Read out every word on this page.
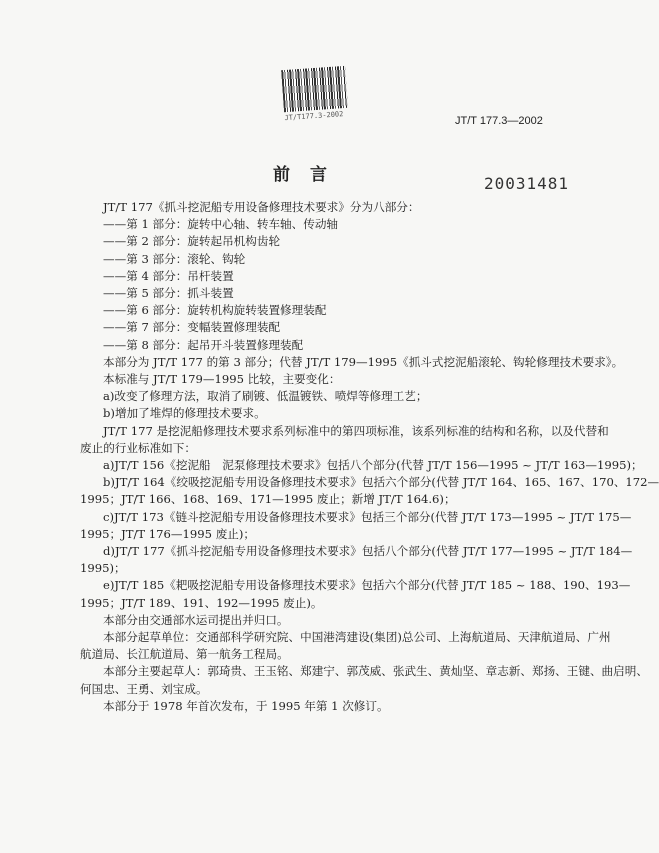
JT/T177.3-2002	JT/T 177.3—2002
前言	20031481
JT/T 177《抓斗挖泥船专用设备修理技术要求》分为八部分：
——第 1 部分：旋转中心轴、转车轴、传动轴
——第 2 部分：旋转起吊机构齿轮
——第 3 部分：滚轮、钩轮
——第 4 部分：吊杆装置
——第 5 部分：抓斗装置
——第 6 部分：旋转机构旋转装置修理装配
——第 7 部分：变幅装置修理装配
——第 8 部分：起吊开斗装置修理装配
本部分为 JT/T 177 的第 3 部分；代替 JT/T 179—1995《抓斗式挖泥船滚轮、钩轮修理技术要求》。
本标准与 JT/T 179—1995 比较，主要变化：
a)改变了修理方法，取消了刷镀、低温镀铁、喷焊等修理工艺；
b)增加了堆焊的修理技术要求。
JT/T 177 是挖泥船修理技术要求系列标准中的第四项标准，该系列标准的结构和名称，以及代替和
废止的行业标准如下：
a)JT/T 156《挖泥船　泥泵修理技术要求》包括八个部分(代替 JT/T 156—1995 ~ JT/T 163—1995)；
b)JT/T 164《绞吸挖泥船专用设备修理技术要求》包括六个部分(代替 JT/T 164、165、167、170、172—
1995；JT/T 166、168、169、171—1995 废止；新增 JT/T 164.6)；
c)JT/T 173《链斗挖泥船专用设备修理技术要求》包括三个部分(代替 JT/T 173—1995 ~ JT/T 175—
1995；JT/T 176—1995 废止)；
d)JT/T 177《抓斗挖泥船专用设备修理技术要求》包括八个部分(代替 JT/T 177—1995 ~ JT/T 184—
1995)；
e)JT/T 185《耙吸挖泥船专用设备修理技术要求》包括六个部分(代替 JT/T 185 ~ 188、190、193—
1995；JT/T 189、191、192—1995 废止)。
本部分由交通部水运司提出并归口。
本部分起草单位：交通部科学研究院、中国港湾建设(集团)总公司、上海航道局、天津航道局、广州
航道局、长江航道局、第一航务工程局。
本部分主要起草人：郭琦贵、王玉铭、郑建宁、郭茂威、张武生、黄灿坚、章志新、郑扬、王键、曲启明、
何国忠、王勇、刘宝成。
本部分于 1978 年首次发布，于 1995 年第 1 次修订。
